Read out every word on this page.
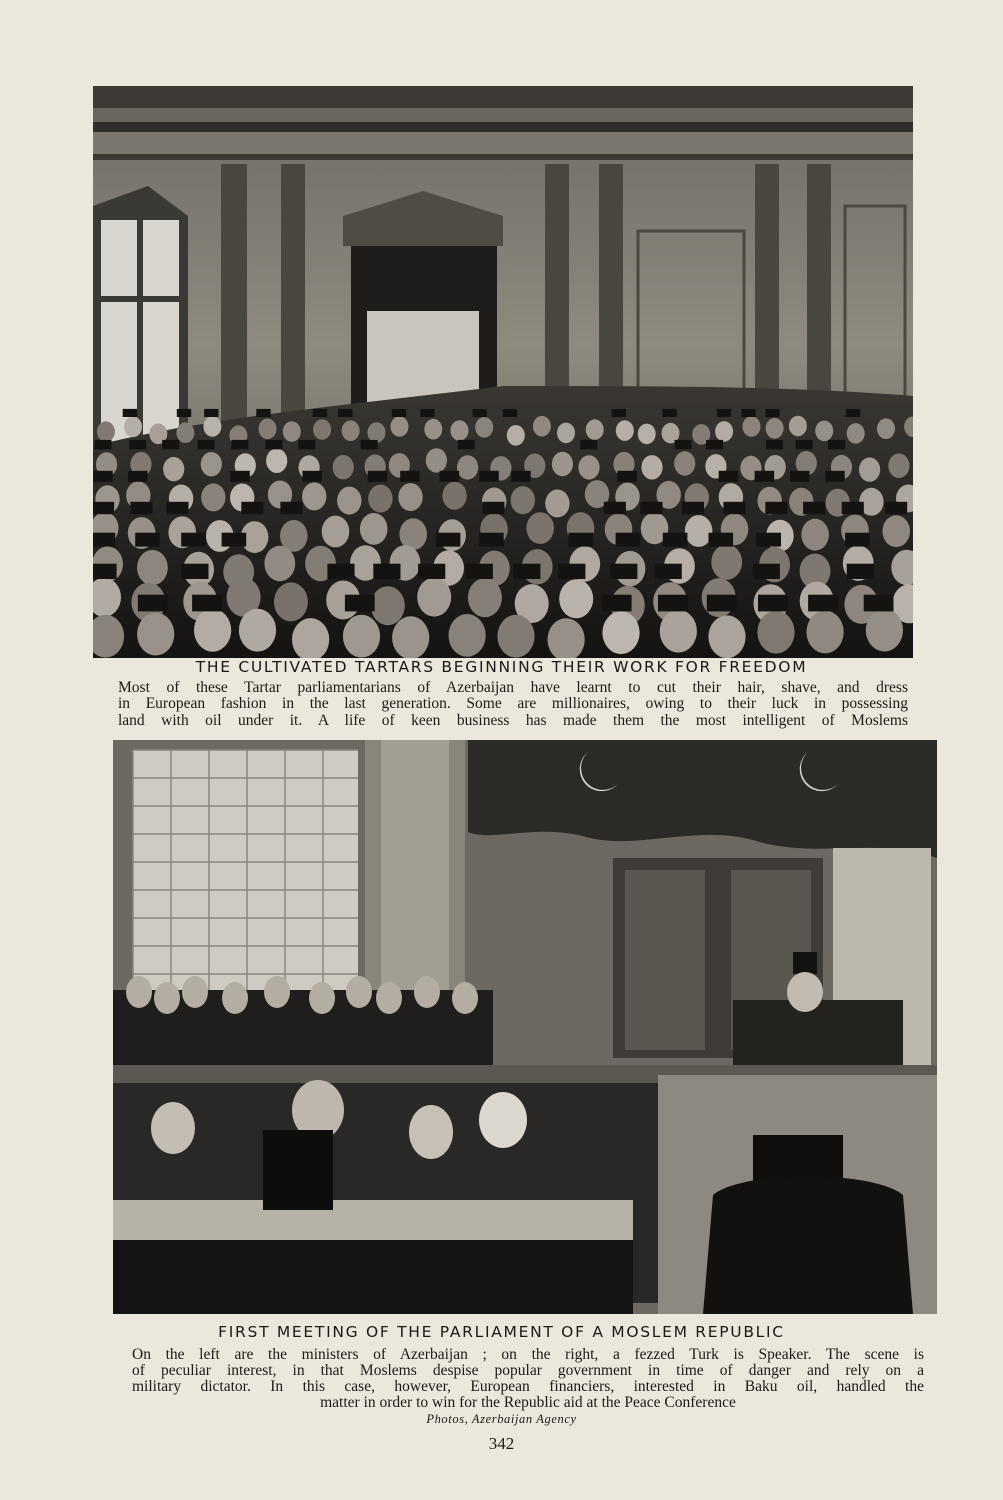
THE CULTIVATED TARTARS BEGINNING THEIR WORK FOR FREEDOM

Most of these Tartar parliamentarians of Azerbaijan have learnt to cut their hair, shave, and dress

in European fashion in the last generation. Some are millionaires, owing to their luck in possessing

land with oil under it. A life of keen business has made them the most intelligent of Moslems

FIRST MEETING OF THE PARLIAMENT OF A MOSLEM REPUBLIC

On the left are the ministers of Azerbaijan ; on the right, a fezzed Turk is Speaker. The scene is

of peculiar interest, in that Moslems despise popular government in time of danger and rely on a

military dictator. In this case, however, European financiers, interested in Baku oil, handled the

matter in order to win for the Republic aid at the Peace Conference

Photos, Azerbaijan Agency

342
